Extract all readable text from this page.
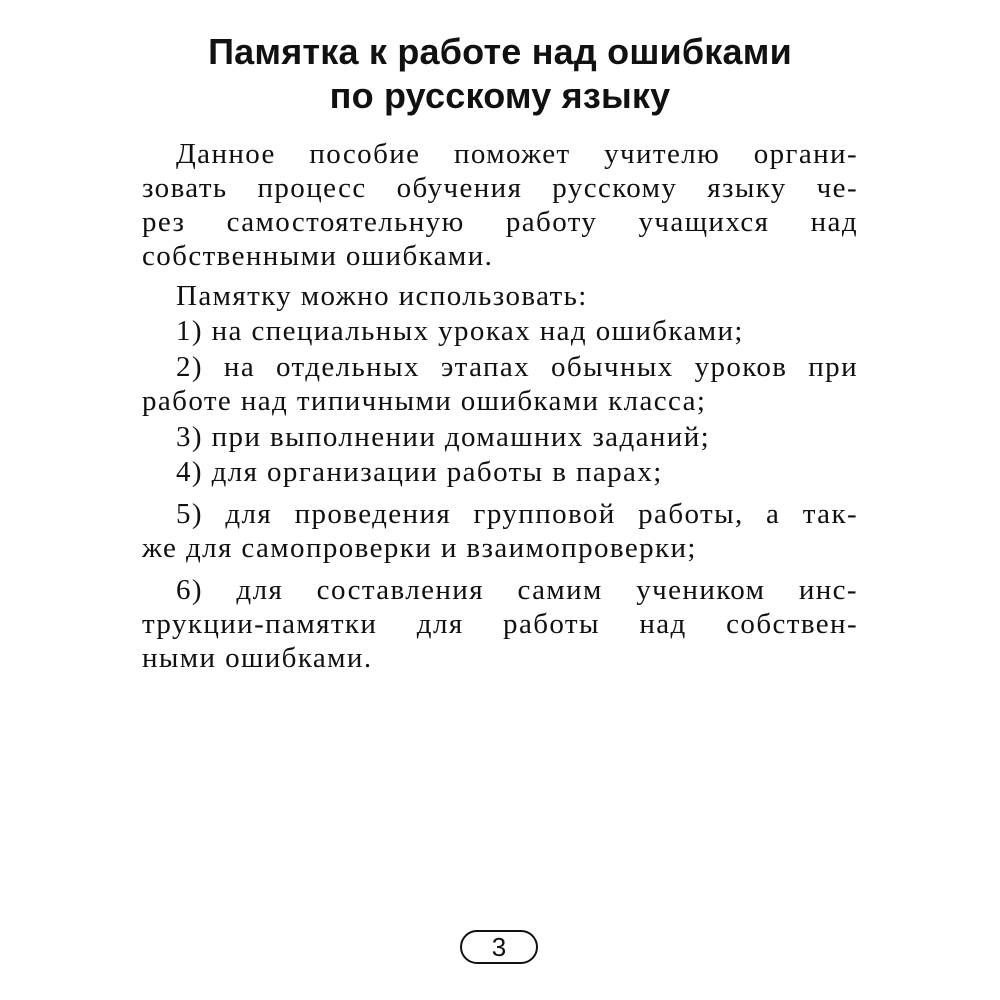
Памятка к работе над ошибками
по русскому языку
Данное пособие поможет учителю органи-
зовать процесс обучения русскому языку че-
рез самостоятельную работу учащихся над
собственными ошибками.
Памятку можно использовать:
1) на специальных уроках над ошибками;
2) на отдельных этапах обычных уроков при
работе над типичными ошибками класса;
3) при выполнении домашних заданий;
4) для организации работы в парах;
5) для проведения групповой работы, а так-
же для самопроверки и взаимопроверки;
6) для составления самим учеником инс-
трукции-памятки для работы над собствен-
ными ошибками.
3
